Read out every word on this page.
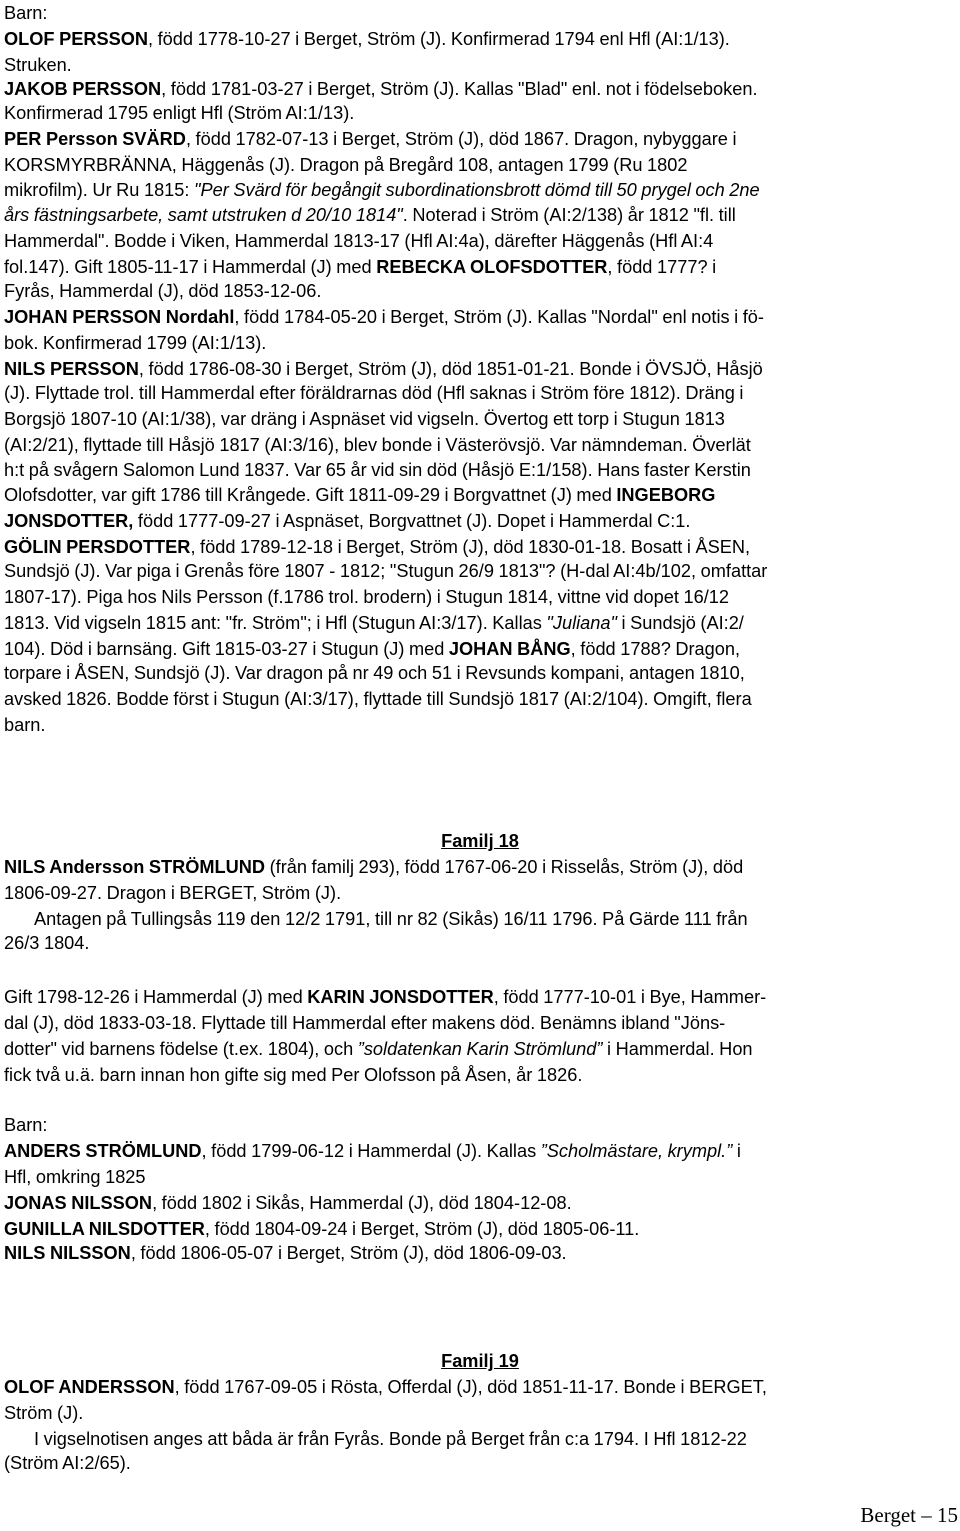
Barn:
OLOF PERSSON, född 1778-10-27 i Berget, Ström (J). Konfirmerad 1794 enl Hfl (AI:1/13).
Struken.
JAKOB PERSSON, född 1781-03-27 i Berget, Ström (J). Kallas "Blad" enl. not i födelseboken.
Konfirmerad 1795 enligt Hfl (Ström AI:1/13).
PER Persson SVÄRD, född 1782-07-13 i Berget, Ström (J), död 1867. Dragon, nybyggare i
KORSMYRBRÄNNA, Häggenås (J). Dragon på Bregård 108, antagen 1799 (Ru 1802
mikrofilm). Ur Ru 1815: "Per Svärd för begångit subordinationsbrott dömd till 50 prygel och 2ne
års fästningsarbete, samt utstruken d 20/10 1814". Noterad i Ström (AI:2/138) år 1812 "fl. till
Hammerdal". Bodde i Viken, Hammerdal 1813-17 (Hfl AI:4a), därefter Häggenås (Hfl AI:4
fol.147). Gift 1805-11-17 i Hammerdal (J) med REBECKA OLOFSDOTTER, född 1777? i
Fyrås, Hammerdal (J), död 1853-12-06.
JOHAN PERSSON Nordahl, född 1784-05-20 i Berget, Ström (J). Kallas "Nordal" enl notis i fö-
bok. Konfirmerad 1799 (AI:1/13).
NILS PERSSON, född 1786-08-30 i Berget, Ström (J), död 1851-01-21. Bonde i ÖVSJÖ, Håsjö
(J). Flyttade trol. till Hammerdal efter föräldrarnas död (Hfl saknas i Ström före 1812). Dräng i
Borgsjö 1807-10 (AI:1/38), var dräng i Aspnäset vid vigseln. Övertog ett torp i Stugun 1813
(AI:2/21), flyttade till Håsjö 1817 (AI:3/16), blev bonde i Västerövsjö. Var nämndeman. Överlät
h:t på svågern Salomon Lund 1837. Var 65 år vid sin död (Håsjö E:1/158). Hans faster Kerstin
Olofsdotter, var gift 1786 till Krångede. Gift 1811-09-29 i Borgvattnet (J) med INGEBORG
JONSDOTTER, född 1777-09-27 i Aspnäset, Borgvattnet (J). Dopet i Hammerdal C:1.
GÖLIN PERSDOTTER, född 1789-12-18 i Berget, Ström (J), död 1830-01-18. Bosatt i ÅSEN,
Sundsjö (J). Var piga i Grenås före 1807 - 1812; "Stugun 26/9 1813"? (H-dal AI:4b/102, omfattar
1807-17). Piga hos Nils Persson (f.1786 trol. brodern) i Stugun 1814, vittne vid dopet 16/12
1813. Vid vigseln 1815 ant: "fr. Ström"; i Hfl (Stugun AI:3/17). Kallas "Juliana" i Sundsjö (AI:2/
104). Död i barnsäng. Gift 1815-03-27 i Stugun (J) med JOHAN BÅNG, född 1788? Dragon,
torpare i ÅSEN, Sundsjö (J). Var dragon på nr 49 och 51 i Revsunds kompani, antagen 1810,
avsked 1826. Bodde först i Stugun (AI:3/17), flyttade till Sundsjö 1817 (AI:2/104). Omgift, flera
barn.
Familj 18
NILS Andersson STRÖMLUND (från familj 293), född 1767-06-20 i Risselås, Ström (J), död
1806-09-27. Dragon i BERGET, Ström (J).
Antagen på Tullingsås 119 den 12/2 1791, till nr 82 (Sikås) 16/11 1796. På Gärde 111 från
26/3 1804.
Gift 1798-12-26 i Hammerdal (J) med KARIN JONSDOTTER, född 1777-10-01 i Bye, Hammer-
dal (J), död 1833-03-18. Flyttade till Hammerdal efter makens död. Benämns ibland "Jöns-
dotter" vid barnens födelse (t.ex. 1804), och ”soldatenkan Karin Strömlund” i Hammerdal. Hon
fick två u.ä. barn innan hon gifte sig med Per Olofsson på Åsen, år 1826.
Barn:
ANDERS STRÖMLUND, född 1799-06-12 i Hammerdal (J). Kallas ”Scholmästare, krympl.” i
Hfl, omkring 1825
JONAS NILSSON, född 1802 i Sikås, Hammerdal (J), död 1804-12-08.
GUNILLA NILSDOTTER, född 1804-09-24 i Berget, Ström (J), död 1805-06-11.
NILS NILSSON, född 1806-05-07 i Berget, Ström (J), död 1806-09-03.
Familj 19
OLOF ANDERSSON, född 1767-09-05 i Rösta, Offerdal (J), död 1851-11-17. Bonde i BERGET,
Ström (J).
I vigselnotisen anges att båda är från Fyrås. Bonde på Berget från c:a 1794. I Hfl 1812-22
(Ström AI:2/65).
Berget – 15
